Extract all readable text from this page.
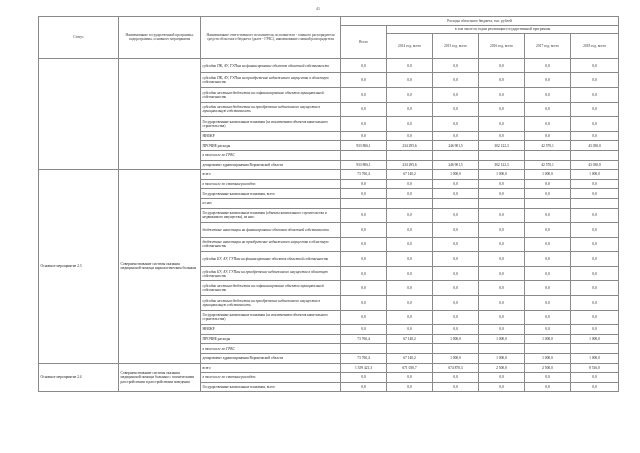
41
Статус	Наименование государственной программы, подпрограммы, основного мероприятия	Наименование ответственного исполнителя, исполнителя - главного распорядителя средств областного бюджета (далее - ГРБС), наименование главной распорядителя	Расходы областного бюджета, тыс. рублей					
			Всего	в том числе по годам реализации государственной программы				
				2014 год, всего	2015 год, всего	2016 год, всего	2017 год, всего	2018 год, всего
		субсидии ПК, АУ, ГУПам на финансирование объектов областной собственности	0,0	0,0	0,0	0,0	0,0	0,0
		субсидии ПК, АУ, ГУПам на приобретение недвижимого имущества в областную собственность	0,0	0,0	0,0	0,0	0,0	0,0
		субсидии местным бюджетам на софинансирование объектов муниципальной собственности	0,0	0,0	0,0	0,0	0,0	0,0
		субсидии местным бюджетам на приобретение недвижимого имущества в муниципальную собственность	0,0	0,0	0,0	0,0	0,0	0,0
		Государственные капитальные вложения (за исключением объектов капитального строительства)	0,0	0,0	0,0	0,0	0,0	0,0
		НИОКР	0,0	0,0	0,0	0,0	0,0	0,0
		ПРОЧИЕ расходы	933 806,1	234 295,6	246 901,5	302 122,3	42 570,1	43 030,0
		в том числе по ГРБС						
		департамент здравоохранения Воронежской области	933 806,1	234 295,6	246 901,5	302 122,3	42 570,1	43 030,0
Основное мероприятие 2.3	Совершенствование системы оказания медицинской помощи наркологическим больным	всего	73 760,4	67 140,2	1 000,0	1 000,0	1 000,0	1 000,0
		в том числе по статьям расходов:	0,0	0,0	0,0	0,0	0,0	0,0
		Государственные капитальные вложения, всего	0,0	0,0	0,0	0,0	0,0	0,0
		из них						
		Государственные капитальные вложения (объекты капитального строительства и недвижимого имущества), из них:	0,0	0,0	0,0	0,0	0,0	0,0
		бюджетные инвестиции на финансирование объектов областной собственности	0,0	0,0	0,0	0,0	0,0	0,0
		бюджетные инвестиции на приобретение недвижимого имущества в областную собственность	0,0	0,0	0,0	0,0	0,0	0,0
		субсидии БУ, АУ, ГУПам на финансирование объектов областной собственности	0,0	0,0	0,0	0,0	0,0	0,0
		субсидии БУ, АУ, ГУПам на приобретение недвижимого имущества в областную собственность	0,0	0,0	0,0	0,0	0,0	0,0
		субсидии местным бюджетам на софинансирование объектов муниципальной собственности	0,0	0,0	0,0	0,0	0,0	0,0
		субсидии местным бюджетам на приобретение недвижимого имущества в муниципальную собственность	0,0	0,0	0,0	0,0	0,0	0,0
		Государственные капитальные вложения (за исключением объектов капитального строительства)	0,0	0,0	0,0	0,0	0,0	0,0
		НИОКР	0,0	0,0	0,0	0,0	0,0	0,0
		ПРОЧИЕ расходы	73 760,4	67 140,2	1 000,0	1 000,0	1 000,0	1 000,0
		в том числе по ГРБС						
		департамент здравоохранения Воронежской области	73 760,4	67 140,2	1 000,0	1 000,0	1 000,0	1 000,0
Основное мероприятие 2.4	Совершенствование системы оказания медицинской помощи больным с психическими расстройствами и расстройствами поведения	всего	1 359 421,3	671 030,7	674 870,3	2 500,0	2 500,0	8 516,0
		в том числе по статьям расходов:	0,0	0,0	0,0	0,0	0,0	0,0
		Государственные капитальные вложения, всего	0,0	0,0	0,0	0,0	0,0	0,0
